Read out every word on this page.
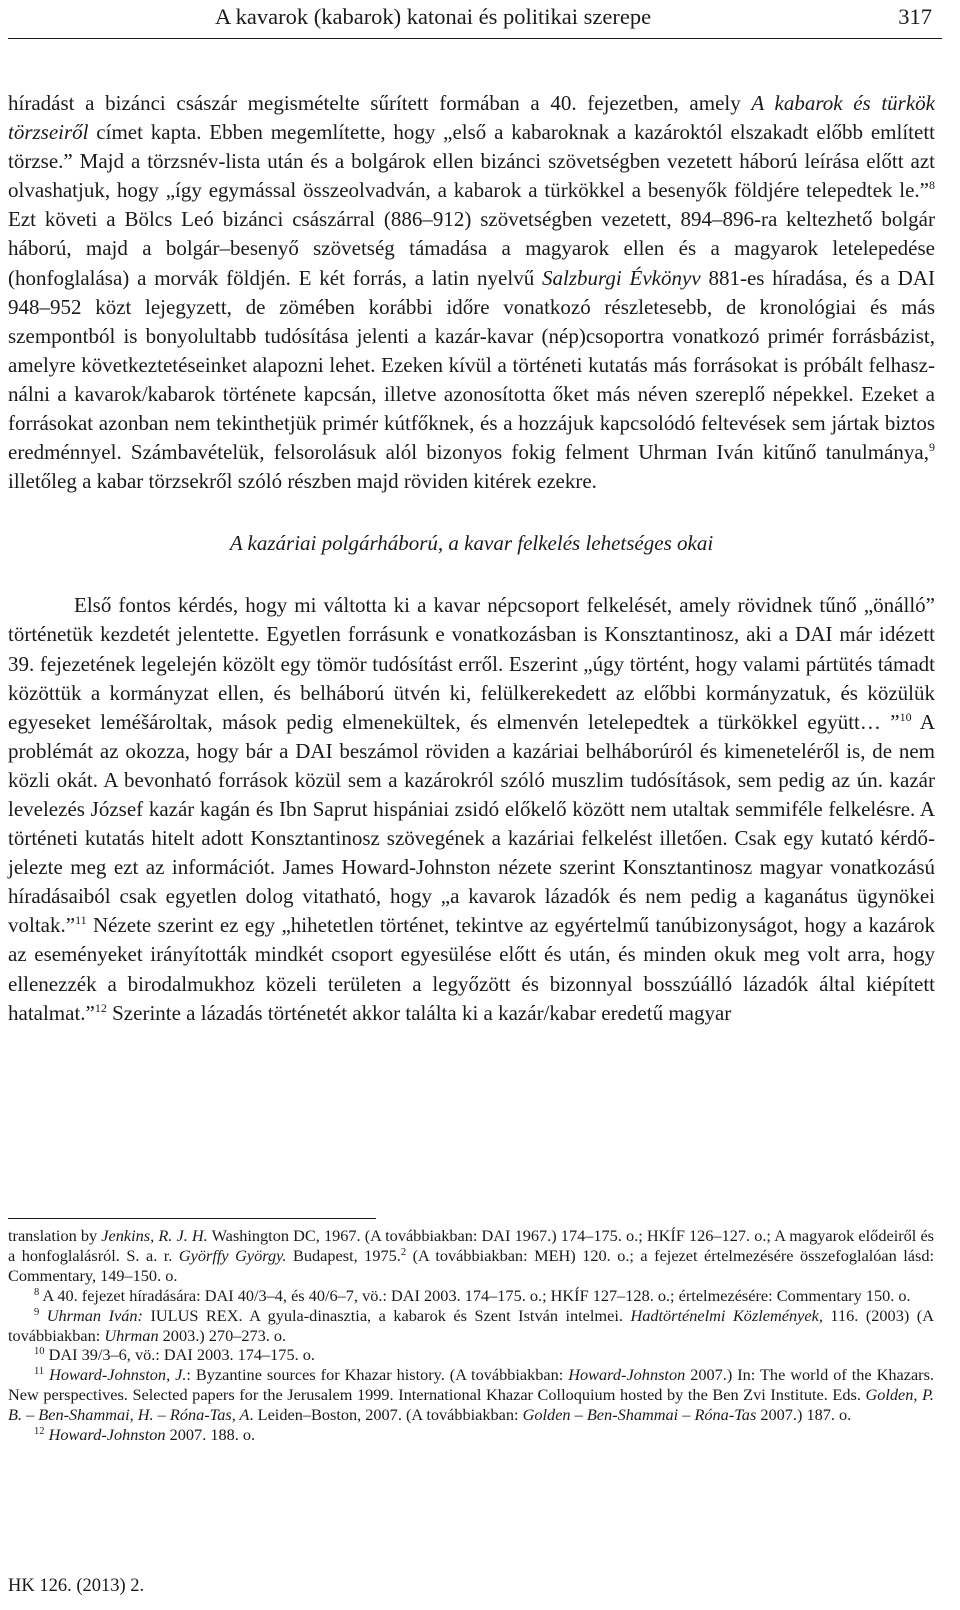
A kavarok (kabarok) katonai és politikai szerepe	317

híradást a bizánci császár megismételte sűrített formában a 40. fejezetben, amely A kabarok és türkök törzseiről címet kapta. Ebben megemlítette, hogy „első a kabaroknak a kazároktól elszakadt előbb említett törzse.” Majd a törzsnév-lista után és a bolgárok ellen bizánci szövetségben vezetett háború leírása előtt azt olvashatjuk, hogy „így egymással összeolvadván, a kabarok a türkökkel a besenyők földjére telepedtek le.”$^8$ Ezt követi a Bölcs Leó bizánci császárral (886–912) szövetségben vezetett, 894–896-ra keltezhető bolgár háború, majd a bolgár–besenyő szövetség támadása a magyarok ellen és a magyarok letelepedése (honfoglalása) a morvák földjén. E két forrás, a latin nyelvű Salzburgi Évkönyv 881-es híradása, és a DAI 948–952 közt lejegyzett, de zömében korábbi időre vonatkozó részletesebb, de kronológiai és más szempontból is bonyolultabb tudósítása jelenti a kazár-kavar (nép)csoportra vonatkozó primér forrásbázist, amelyre következtetéseinket alapozni lehet. Ezeken kívül a történeti kutatás más forrásokat is próbált felhasználni a kavarok/kabarok története kapcsán, illetve azonosította őket más néven szereplő népekkel. Ezeket a forrásokat azonban nem tekinthetjük primér kútfőknek, és a hozzájuk kapcsolódó feltevések sem jártak biztos eredménnyel. Számbavételük, felsorolásuk alól bizonyos fokig felment Uhrman Iván kitűnő tanulmánya,$^9$ illetőleg a kabar törzsekről szóló részben majd röviden kitérek ezekre.

A kazáriai polgárháború, a kavar felkelés lehetséges okai

Első fontos kérdés, hogy mi váltotta ki a kavar népcsoport felkelését, amely rövidnek tűnő „önálló” történetük kezdetét jelentette. Egyetlen forrásunk e vonatkozásban is Konsztantinosz, aki a DAI már idézett 39. fejezetének legelején közölt egy tömör tudósítást erről. Eszerint „úgy történt, hogy valami pártütés támadt közöttük a kormányzat ellen, és belháború ütvén ki, felülkerekedett az előbbi kormányzatuk, és közülük egyeseket leméšároltak, mások pedig elmenekültek, és elmenvén letelepedtek a türkökkel együtt… ”$^{10}$ A problémát az okozza, hogy bár a DAI beszámol röviden a kazáriai belháborúról és kimeneteléről is, de nem közli okát. A bevonható források közül sem a kazárokról szóló muszlim tudósítások, sem pedig az ún. kazár levelezés József kazár kagán és Ibn Saprut hispániai zsidó előkelő között nem utaltak semmiféle felkelésre. A történeti kutatás hitelt adott Konsztantinosz szövegének a kazáriai felkelést illetően. Csak egy kutató kérdőjelezte meg ezt az információt. James Howard-Johnston nézete szerint Konsztantinosz magyar vonatkozású híradásaiból csak egyetlen dolog vitatható, hogy „a kavarok lázadók és nem pedig a kaganátus ügynökei voltak.”$^{11}$ Nézete szerint ez egy „hihetetlen történet, tekintve az egyértelmű tanúbizonyságot, hogy a kazárok az eseményeket irányították mindkét csoport egyesülése előtt és után, és minden okuk meg volt arra, hogy ellenezzék a birodalmukhoz közeli területen a legyőzött és bizonnyal bosszúálló lázadók által kiépített hatalmat.”$^{12}$ Szerinte a lázadás történetét akkor találta ki a kazár/kabar eredetű magyar

translation by Jenkins, R. J. H. Washington DC, 1967. (A továbbiakban: DAI 1967.) 174–175. o.; HKÍF 126–127. o.; A magyarok elődeiről és a honfoglalásról. S. a. r. Györffy György. Budapest, 1975.$^2$ (A továbbiakban: MEH) 120. o.; a fejezet értelmezésére összefoglalóan lásd: Commentary, 149–150. o.

$^8$ A 40. fejezet híradására: DAI 40/3–4, és 40/6–7, vö.: DAI 2003. 174–175. o.; HKÍF 127–128. o.; értelmezésére: Commentary 150. o.

$^9$ Uhrman Iván: IULUS REX. A gyula-dinasztia, a kabarok és Szent István intelmei. Hadtörténelmi Közlemények, 116. (2003) (A továbbiakban: Uhrman 2003.) 270–273. o.

$^{10}$ DAI 39/3–6, vö.: DAI 2003. 174–175. o.

$^{11}$ Howard-Johnston, J.: Byzantine sources for Khazar history. (A továbbiakban: Howard-Johnston 2007.) In: The world of the Khazars. New perspectives. Selected papers for the Jerusalem 1999. International Khazar Colloquium hosted by the Ben Zvi Institute. Eds. Golden, P. B. – Ben-Shammai, H. – Róna-Tas, A. Leiden–Boston, 2007. (A továbbiakban: Golden – Ben-Shammai – Róna-Tas 2007.) 187. o.

$^{12}$ Howard-Johnston 2007. 188. o.

HK 126. (2013) 2.
